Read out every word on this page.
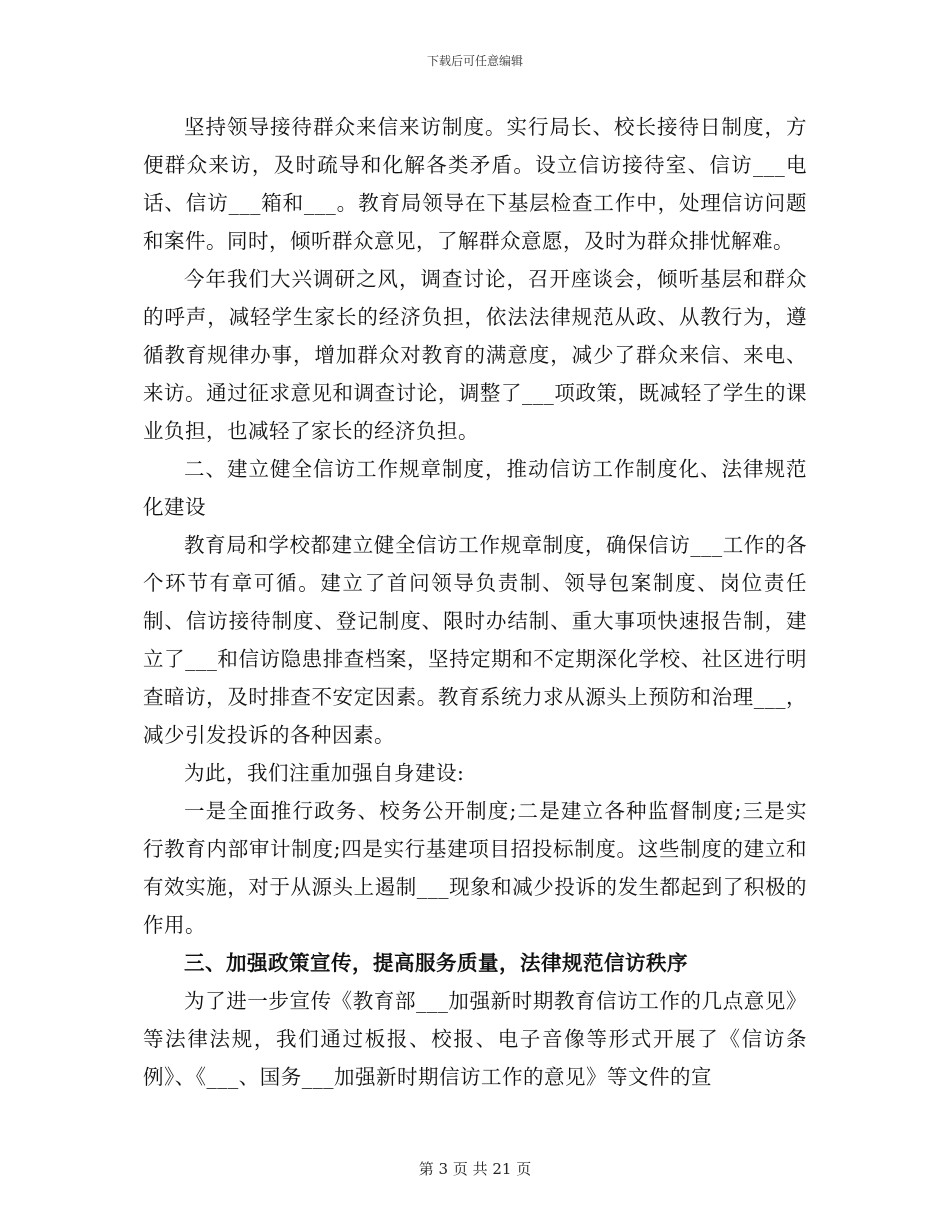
下载后可任意编辑

坚持领导接待群众来信来访制度。实行局长、校长接待日制度，方便群众来访，及时疏导和化解各类矛盾。设立信访接待室、信访___电话、信访___箱和___。教育局领导在下基层检查工作中，处理信访问题和案件。同时，倾听群众意见，了解群众意愿，及时为群众排忧解难。

今年我们大兴调研之风，调查讨论，召开座谈会，倾听基层和群众的呼声，减轻学生家长的经济负担，依法法律规范从政、从教行为，遵循教育规律办事，增加群众对教育的满意度，减少了群众来信、来电、来访。通过征求意见和调查讨论，调整了___项政策，既减轻了学生的课业负担，也减轻了家长的经济负担。

二、建立健全信访工作规章制度，推动信访工作制度化、法律规范化建设

教育局和学校都建立健全信访工作规章制度，确保信访___工作的各个环节有章可循。建立了首问领导负责制、领导包案制度、岗位责任制、信访接待制度、登记制度、限时办结制、重大事项快速报告制，建立了___和信访隐患排查档案，坚持定期和不定期深化学校、社区进行明查暗访，及时排查不安定因素。教育系统力求从源头上预防和治理___，减少引发投诉的各种因素。

为此，我们注重加强自身建设:

一是全面推行政务、校务公开制度;二是建立各种监督制度;三是实行教育内部审计制度;四是实行基建项目招投标制度。这些制度的建立和有效实施，对于从源头上遏制___现象和减少投诉的发生都起到了积极的作用。

三、加强政策宣传，提高服务质量，法律规范信访秩序

为了进一步宣传《教育部___加强新时期教育信访工作的几点意见》等法律法规，我们通过板报、校报、电子音像等形式开展了《信访条例》、《___、国务___加强新时期信访工作的意见》等文件的宣

第 3 页 共 21 页
